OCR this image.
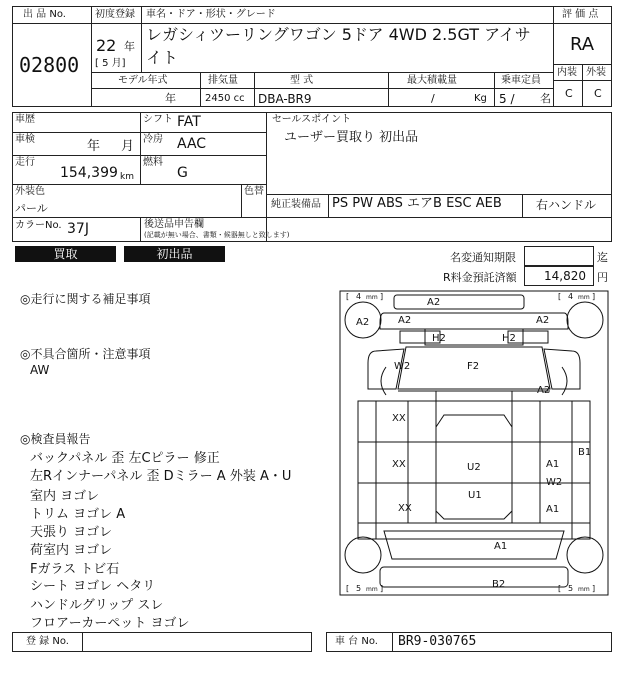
出 品 No.
02800
初度登録
22 年
[ 5 月]
車名・ドア・形状・グレード
レガシィツーリングワゴン 5ドア 4WD 2.5GT アイサ
イト
評 価 点
RA
内装 外装
C C
モデル年式
年
排気量
2450 cc
型 式
DBA-BR9
最大積載量
/	Kg
乗車定員
5 / 名
車歴	シフト FAT
車検	年 月 冷房 AAC
走行
154,399 km
燃料
G
外装色
パール
色替
カラーNo. 37J	後送品申告欄
(記載が無い場合、書類・候器無しと致します)
セールスポイント
ユーザー買取り 初出品
純正装備品 PS PW ABS エアB ESC AEB	右ハンドル
買取	初出品	名変通知期限	迄
R料金預託済額 14,820 円
◎走行に関する補足事項
◎不具合箇所・注意事項
AW
◎検査員報告
バックパネル 歪 左Cピラー 修正
左Rインナーパネル 歪 Dミラー A 外装 A・U
室内 ヨゴレ
トリム ヨゴレ A
天張り ヨゴレ
荷室内 ヨゴレ
Fガラス トビ石
シート ヨゴレ ヘタリ
ハンドルグリップ スレ
フロアーカーペット ヨゴレ
[ 4 mm ]	[ 4 mm ]
[ 5 mm ]	[ 5 mm ]
A2
A2	A2
A2
H2	H2
F2
W2
A2
XX
XX
XX
U2
U1
A1
W2
A1
B1
A1
B2
登 録 No.	車 台 No. BR9-030765
